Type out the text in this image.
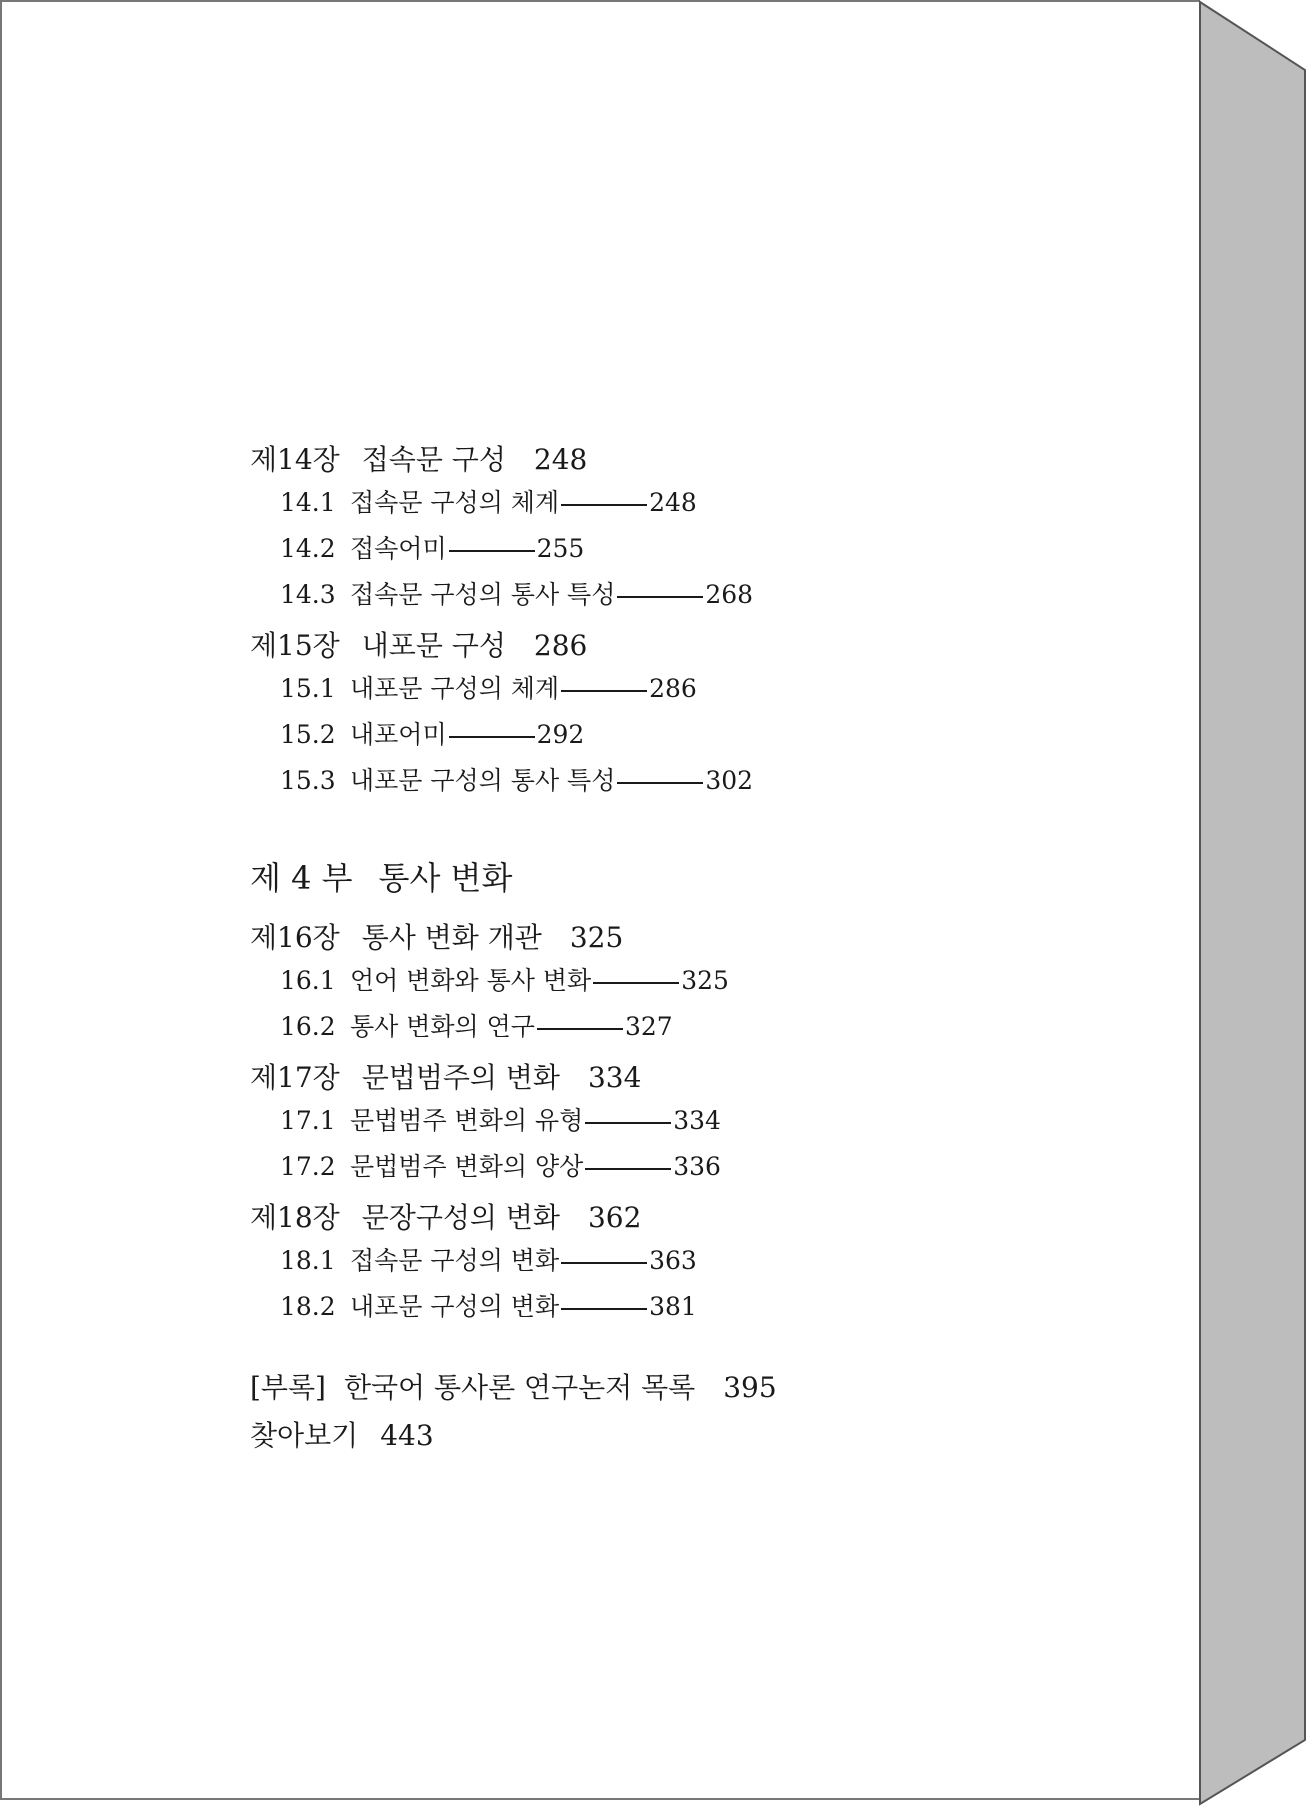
제14장 접속문 구성 248
14.1 접속문 구성의 체계	248
14.2 접속어미	255
14.3 접속문 구성의 통사 특성	268
제15장 내포문 구성 286
15.1 내포문 구성의 체계	286
15.2 내포어미	292
15.3 내포문 구성의 통사 특성	302
제 4 부 통사 변화
제16장 통사 변화 개관 325
16.1 언어 변화와 통사 변화	325
16.2 통사 변화의 연구	327
제17장 문법범주의 변화 334
17.1 문법범주 변화의 유형	334
17.2 문법범주 변화의 양상	336
제18장 문장구성의 변화 362
18.1 접속문 구성의 변화	363
18.2 내포문 구성의 변화	381
[부록] 한국어 통사론 연구논저 목록 395
찾아보기 443
